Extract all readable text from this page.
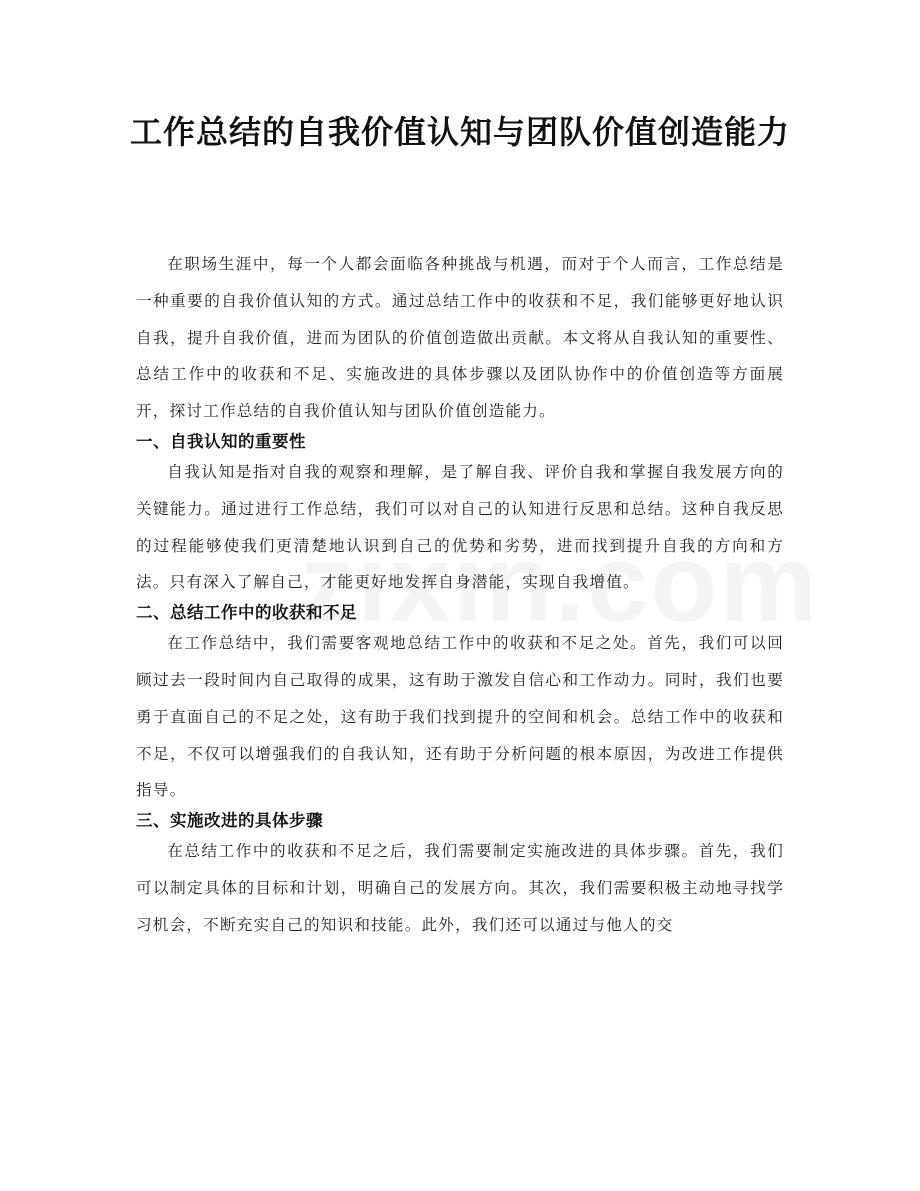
工作总结的自我价值认知与团队价值创造能力

在职场生涯中，每一个人都会面临各种挑战与机遇，而对于个人而言，工作总结是一种重要的自我价值认知的方式。通过总结工作中的收获和不足，我们能够更好地认识自我，提升自我价值，进而为团队的价值创造做出贡献。本文将从自我认知的重要性、总结工作中的收获和不足、实施改进的具体步骤以及团队协作中的价值创造等方面展开，探讨工作总结的自我价值认知与团队价值创造能力。

一、自我认知的重要性

自我认知是指对自我的观察和理解，是了解自我、评价自我和掌握自我发展方向的关键能力。通过进行工作总结，我们可以对自己的认知进行反思和总结。这种自我反思的过程能够使我们更清楚地认识到自己的优势和劣势，进而找到提升自我的方向和方法。只有深入了解自己，才能更好地发挥自身潜能，实现自我增值。

二、总结工作中的收获和不足

在工作总结中，我们需要客观地总结工作中的收获和不足之处。首先，我们可以回顾过去一段时间内自己取得的成果，这有助于激发自信心和工作动力。同时，我们也要勇于直面自己的不足之处，这有助于我们找到提升的空间和机会。总结工作中的收获和不足，不仅可以增强我们的自我认知，还有助于分析问题的根本原因，为改进工作提供指导。

三、实施改进的具体步骤

在总结工作中的收获和不足之后，我们需要制定实施改进的具体步骤。首先，我们可以制定具体的目标和计划，明确自己的发展方向。其次，我们需要积极主动地寻找学习机会，不断充实自己的知识和技能。此外，我们还可以通过与他人的交
